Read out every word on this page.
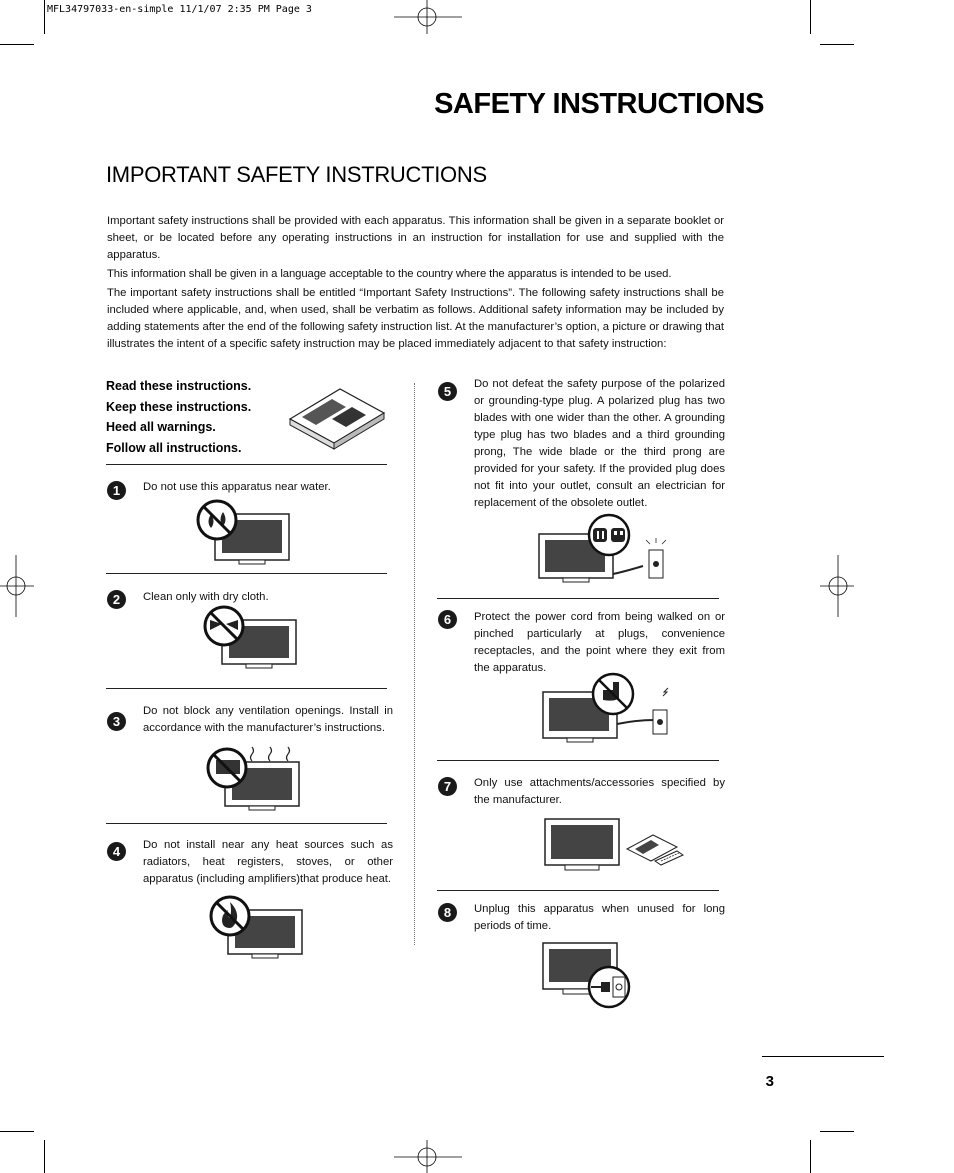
MFL34797033-en-simple 11/1/07 2:35 PM Page 3
SAFETY INSTRUCTIONS
IMPORTANT SAFETY INSTRUCTIONS
Important safety instructions shall be provided with each apparatus. This information shall be given in a separate booklet or sheet, or be located before any operating instructions in an instruction for installation for use and supplied with the apparatus.
This information shall be given in a language acceptable to the country where the apparatus is intended to be used.
The important safety instructions shall be entitled “Important Safety Instructions”. The following safety instructions shall be included where applicable, and, when used, shall be verbatim as follows. Additional safety information may be included by adding statements after the end of the following safety instruction list. At the manufacturer’s option, a picture or drawing that illustrates the intent of a specific safety instruction may be placed immediately adjacent to that safety instruction:
Read these instructions.
Keep these instructions.
Heed all warnings.
Follow all instructions.
1	Do not use this apparatus near water.
2	Clean only with dry cloth.
3
Do not block any ventilation openings. Install in accordance with the manufacturer’s instructions.
4	Do not install near any heat sources such as radiators, heat registers, stoves, or other apparatus (including amplifiers)that produce heat.
5	Do not defeat the safety purpose of the polarized or grounding-type plug. A polarized plug has two blades with one wider than the other. A grounding type plug has two blades and a third grounding prong, The wide blade or the third prong are provided for your safety. If the provided plug does not fit into your outlet, consult an electrician for replacement of the obsolete outlet.
6	Protect the power cord from being walked on or pinched particularly at plugs, convenience receptacles, and the point where they exit from the apparatus.
7	Only use attachments/accessories specified by the manufacturer.
8	Unplug this apparatus when unused for long periods of time.
3
